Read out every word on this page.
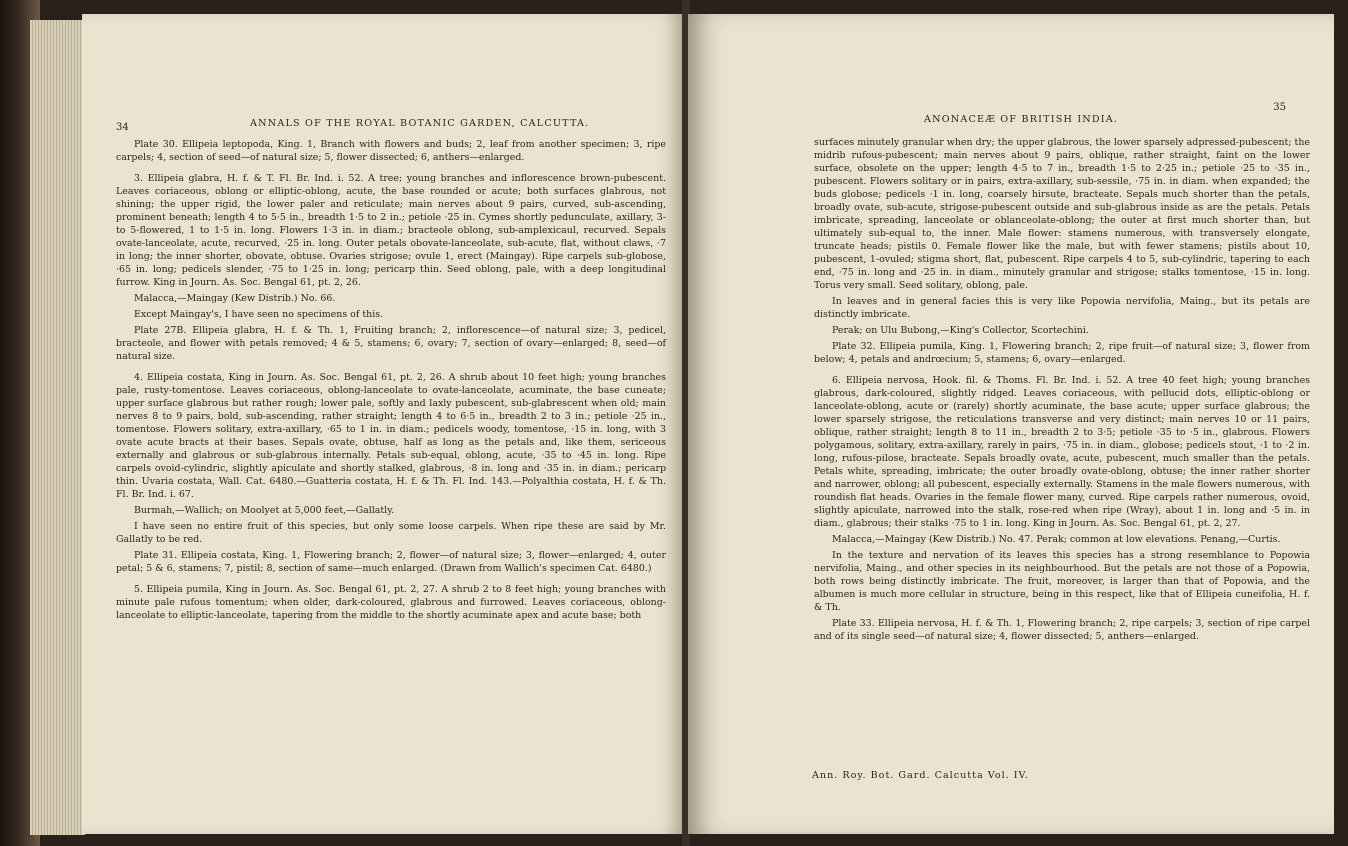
34	ANNALS OF THE ROYAL BOTANIC GARDEN, CALCUTTA.

Plate 30. Ellipeia leptopoda, King. 1, Branch with flowers and buds; 2, leaf from another specimen; 3, ripe carpels; 4, section of seed—of natural size; 5, flower dissected; 6, anthers—enlarged.

3. Ellipeia glabra, H. f. & T. Fl. Br. Ind. i. 52. A tree; young branches and inflorescence brown-pubescent. Leaves coriaceous, oblong or elliptic-oblong, acute, the base rounded or acute; both surfaces glabrous, not shining; the upper rigid, the lower paler and reticulate; main nerves about 9 pairs, curved, sub-ascending, prominent beneath; length 4 to 5·5 in., breadth 1·5 to 2 in.; petiole ·25 in. Cymes shortly pedunculate, axillary, 3- to 5-flowered, 1 to 1·5 in. long. Flowers 1·3 in. in diam.; bracteole oblong, sub-amplexicaul, recurved. Sepals ovate-lanceolate, acute, recurved, ·25 in. long. Outer petals obovate-lanceolate, sub-acute, flat, without claws, ·7 in long; the inner shorter, obovate, obtuse. Ovaries strigose; ovule 1, erect (Maingay). Ripe carpels sub-globose, ·65 in. long; pedicels slender, ·75 to 1·25 in. long; pericarp thin. Seed oblong, pale, with a deep longitudinal furrow. King in Journ. As. Soc. Bengal 61, pt. 2, 26.

Malacca,—Maingay (Kew Distrib.) No. 66.

Except Maingay's, I have seen no specimens of this.

Plate 27B. Ellipeia glabra, H. f. & Th. 1, Fruiting branch; 2, inflorescence—of natural size; 3, pedicel, bracteole, and flower with petals removed; 4 & 5, stamens; 6, ovary; 7, section of ovary—enlarged; 8, seed—of natural size.

4. Ellipeia costata, King in Journ. As. Soc. Bengal 61, pt. 2, 26. A shrub about 10 feet high; young branches pale, rusty-tomentose. Leaves coriaceous, oblong-lanceolate to ovate-lanceolate, acuminate, the base cuneate; upper surface glabrous but rather rough; lower pale, softly and laxly pubescent, sub-glabrescent when old; main nerves 8 to 9 pairs, bold, sub-ascending, rather straight; length 4 to 6·5 in., breadth 2 to 3 in.; petiole ·25 in., tomentose. Flowers solitary, extra-axillary, ·65 to 1 in. in diam.; pedicels woody, tomentose, ·15 in. long, with 3 ovate acute bracts at their bases. Sepals ovate, obtuse, half as long as the petals and, like them, sericeous externally and glabrous or sub-glabrous internally. Petals sub-equal, oblong, acute, ·35 to ·45 in. long. Ripe carpels ovoid-cylindric, slightly apiculate and shortly stalked, glabrous, ·8 in. long and ·35 in. in diam.; pericarp thin. Uvaria costata, Wall. Cat. 6480.—Guatteria costata, H. f. & Th. Fl. Ind. 143.—Polyalthia costata, H. f. & Th. Fl. Br. Ind. i. 67.

Burmah,—Wallich; on Moolyet at 5,000 feet,—Gallatly.

I have seen no entire fruit of this species, but only some loose carpels. When ripe these are said by Mr. Gallatly to be red.

Plate 31. Ellipeia costata, King. 1, Flowering branch; 2, flower—of natural size; 3, flower—enlarged; 4, outer petal; 5 & 6, stamens; 7, pistil; 8, section of same—much enlarged. (Drawn from Wallich's specimen Cat. 6480.)

5. Ellipeia pumila, King in Journ. As. Soc. Bengal 61, pt. 2, 27. A shrub 2 to 8 feet high; young branches with minute pale rufous tomentum; when older, dark-coloured, glabrous and furrowed. Leaves coriaceous, oblong-lanceolate to elliptic-lanceolate, tapering from the middle to the shortly acuminate apex and acute base; both

ANONACEÆ OF BRITISH INDIA.
35

surfaces minutely granular when dry; the upper glabrous, the lower sparsely adpressed-pubescent; the midrib rufous-pubescent; main nerves about 9 pairs, oblique, rather straight, faint on the lower surface, obsolete on the upper; length 4·5 to 7 in., breadth 1·5 to 2·25 in.; petiole ·25 to ·35 in., pubescent. Flowers solitary or in pairs, extra-axillary, sub-sessile, ·75 in. in diam. when expanded; the buds globose; pedicels ·1 in. long, coarsely hirsute, bracteate. Sepals much shorter than the petals, broadly ovate, sub-acute, strigose-pubescent outside and sub-glabrous inside as are the petals. Petals imbricate, spreading, lanceolate or oblanceolate-oblong; the outer at first much shorter than, but ultimately sub-equal to, the inner. Male flower: stamens numerous, with transversely elongate, truncate heads; pistils 0. Female flower like the male, but with fewer stamens; pistils about 10, pubescent, 1-ovuled; stigma short, flat, pubescent. Ripe carpels 4 to 5, sub-cylindric, tapering to each end, ·75 in. long and ·25 in. in diam., minutely granular and strigose; stalks tomentose, ·15 in. long. Torus very small. Seed solitary, oblong, pale.

In leaves and in general facies this is very like Popowia nervifolia, Maing., but its petals are distinctly imbricate.

Perak; on Ulu Bubong,—King's Collector, Scortechini.

Plate 32. Ellipeia pumila, King. 1, Flowering branch; 2, ripe fruit—of natural size; 3, flower from below; 4, petals and andrœcium; 5, stamens; 6, ovary—enlarged.

6. Ellipeia nervosa, Hook. fil. & Thoms. Fl. Br. Ind. i. 52. A tree 40 feet high; young branches glabrous, dark-coloured, slightly ridged. Leaves coriaceous, with pellucid dots, elliptic-oblong or lanceolate-oblong, acute or (rarely) shortly acuminate, the base acute; upper surface glabrous; the lower sparsely strigose, the reticulations transverse and very distinct; main nerves 10 or 11 pairs, oblique, rather straight; length 8 to 11 in., breadth 2 to 3·5; petiole ·35 to ·5 in., glabrous. Flowers polygamous, solitary, extra-axillary, rarely in pairs, ·75 in. in diam., globose; pedicels stout, ·1 to ·2 in. long, rufous-pilose, bracteate. Sepals broadly ovate, acute, pubescent, much smaller than the petals. Petals white, spreading, imbricate; the outer broadly ovate-oblong, obtuse; the inner rather shorter and narrower, oblong; all pubescent, especially externally. Stamens in the male flowers numerous, with roundish flat heads. Ovaries in the female flower many, curved. Ripe carpels rather numerous, ovoid, slightly apiculate, narrowed into the stalk, rose-red when ripe (Wray), about 1 in. long and ·5 in. in diam., glabrous; their stalks ·75 to 1 in. long. King in Journ. As. Soc. Bengal 61, pt. 2, 27.

Malacca,—Maingay (Kew Distrib.) No. 47. Perak; common at low elevations. Penang,—Curtis.

In the texture and nervation of its leaves this species has a strong resemblance to Popowia nervifolia, Maing., and other species in its neighbourhood. But the petals are not those of a Popowia, both rows being distinctly imbricate. The fruit, moreover, is larger than that of Popowia, and the albumen is much more cellular in structure, being in this respect, like that of Ellipeia cuneifolia, H. f. & Th.

Plate 33. Ellipeia nervosa, H. f. & Th. 1, Flowering branch; 2, ripe carpels; 3, section of ripe carpel and of its single seed—of natural size; 4, flower dissected; 5, anthers—enlarged.

Ann. Roy. Bot. Gard. Calcutta Vol. IV.
